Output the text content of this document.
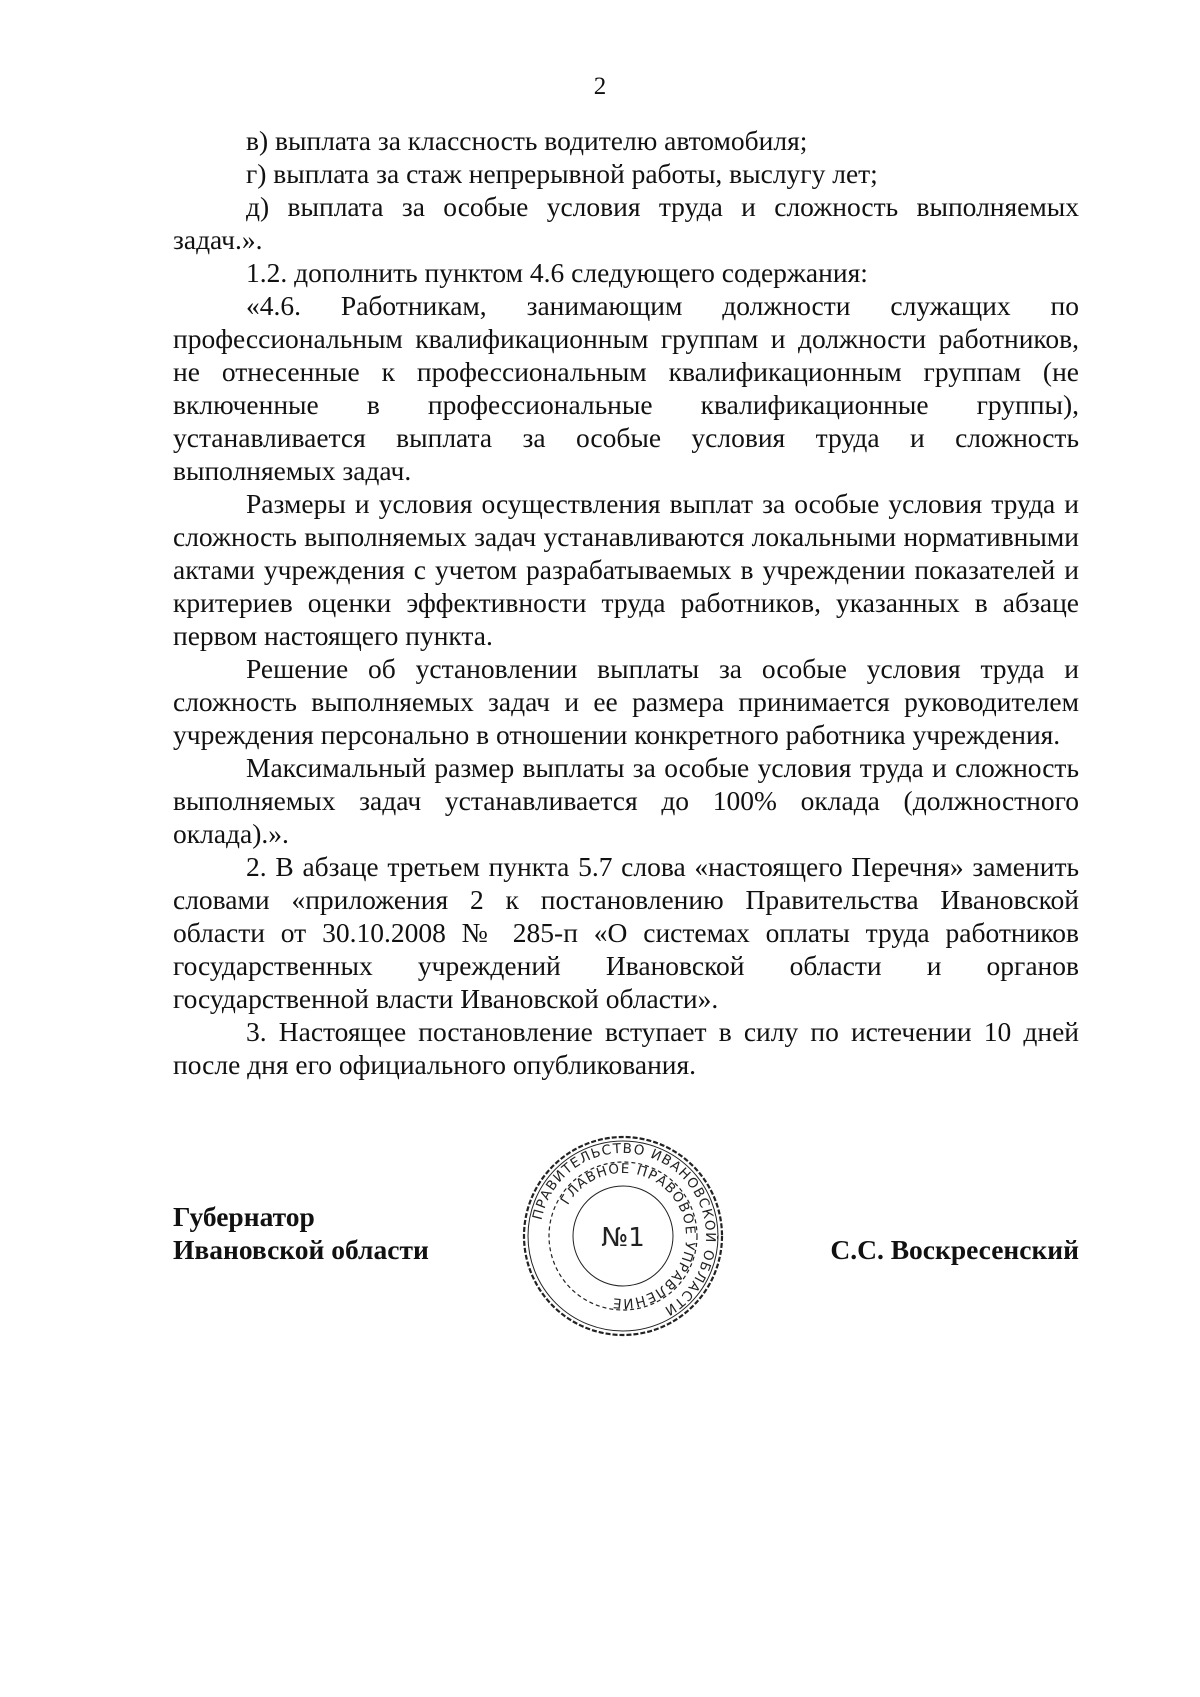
2

в) выплата за классность водителю автомобиля;

г) выплата за стаж непрерывной работы, выслугу лет;

д) выплата за особые условия труда и сложность выполняемых задач.».

1.2. дополнить пунктом 4.6 следующего содержания:

«4.6. Работникам, занимающим должности служащих по профессиональным квалификационным группам и должности работников, не отнесенные к профессиональным квалификационным группам (не включенные в профессиональные квалификационные группы), устанавливается выплата за особые условия труда и сложность выполняемых задач.

Размеры и условия осуществления выплат за особые условия труда и сложность выполняемых задач устанавливаются локальными нормативными актами учреждения с учетом разрабатываемых в учреждении показателей и критериев оценки эффективности труда работников, указанных в абзаце первом настоящего пункта.

Решение об установлении выплаты за особые условия труда и сложность выполняемых задач и ее размера принимается руководителем учреждения персонально в отношении конкретного работника учреждения.

Максимальный размер выплаты за особые условия труда и сложность выполняемых задач устанавливается до 100% оклада (должностного оклада).».

2. В абзаце третьем пункта 5.7 слова «настоящего Перечня» заменить словами «приложения 2 к постановлению Правительства Ивановской области от 30.10.2008 № 285-п «О системах оплаты труда работников государственных учреждений Ивановской области и органов государственной власти Ивановской области».

3. Настоящее постановление вступает в силу по истечении 10 дней после дня его официального опубликования.

Губернатор
Ивановской области
ПРАВИТЕЛЬСТВО ИВАНОВСКОЙ ОБЛАСТИ
ГЛАВНОЕ ПРАВОВОЕ УПРАВЛЕНИЕ
№1	С.С. Воскресенский
